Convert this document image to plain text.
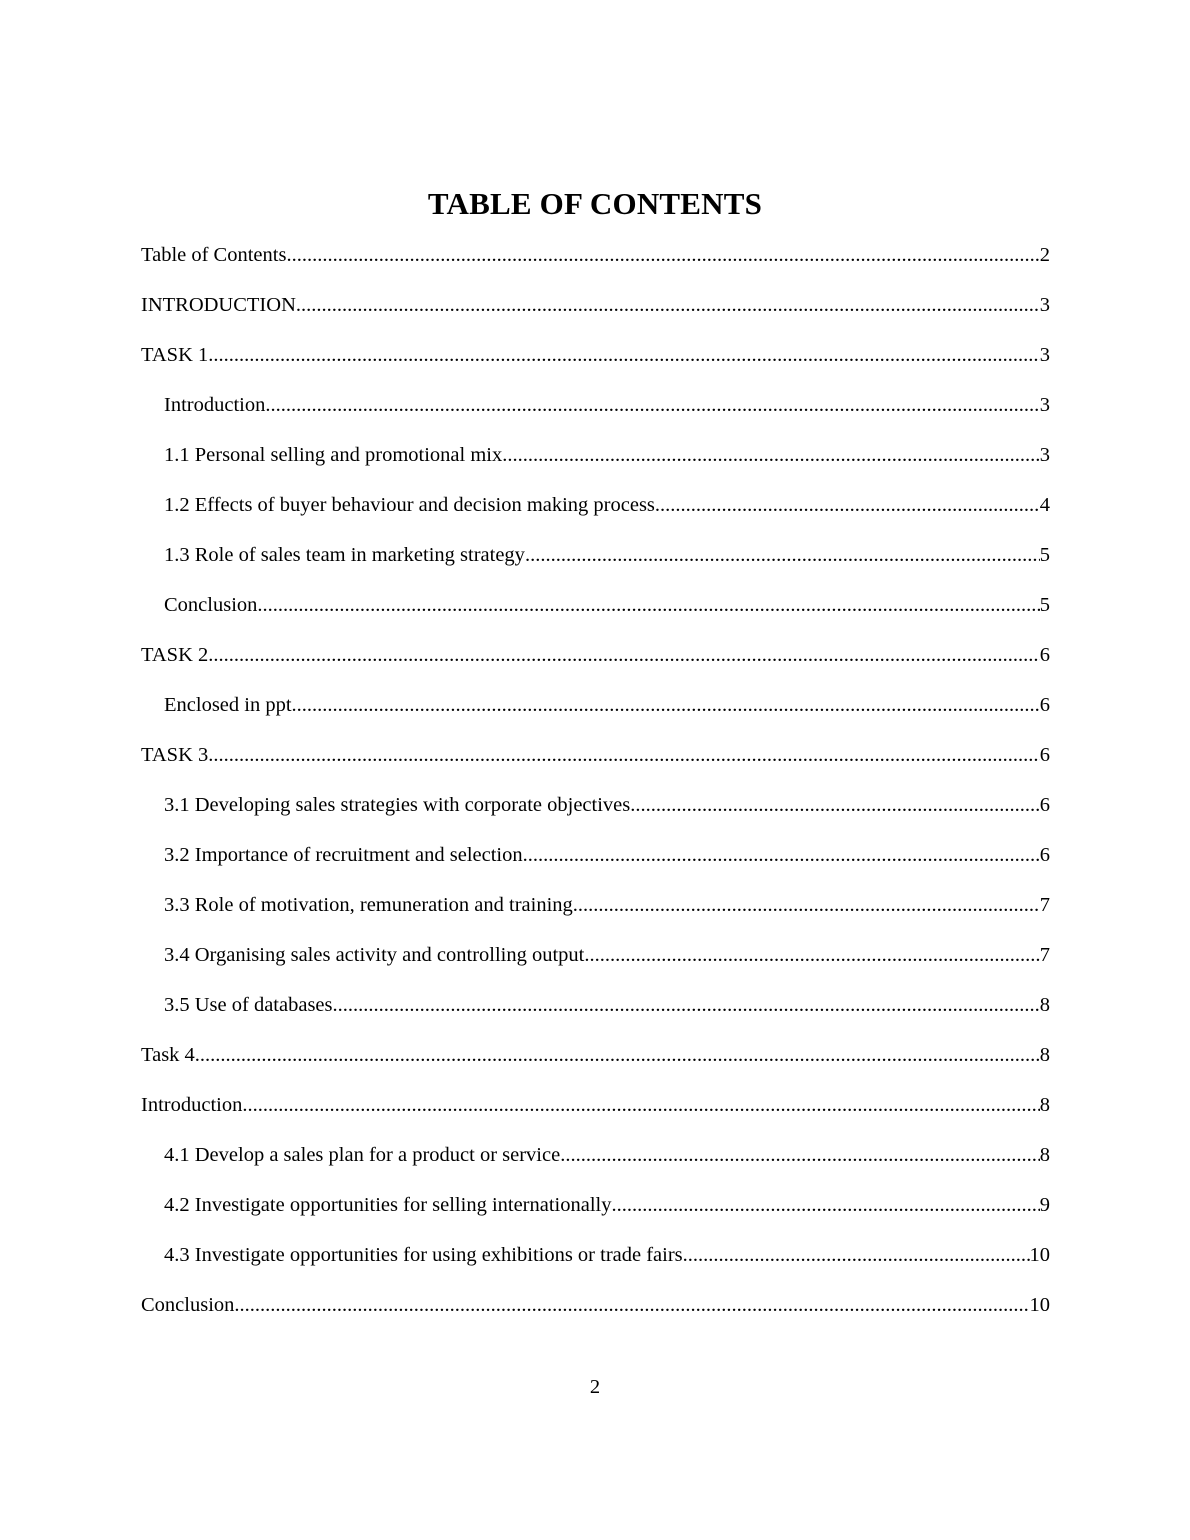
TABLE OF CONTENTS
Table of Contents .....	2
INTRODUCTION .....	3
TASK 1 .....	3
Introduction .....	3
1.1 Personal selling and promotional mix .....	3
1.2 Effects of buyer behaviour and decision making process .....	4
1.3 Role of sales team in marketing strategy .....	5
Conclusion .....	5
TASK 2 .....	6
Enclosed in ppt .....	6
TASK 3 .....	6
3.1 Developing sales strategies with corporate objectives .....	6
3.2 Importance of recruitment and selection .....	6
3.3 Role of motivation, remuneration and training .....	7
3.4 Organising sales activity and controlling output .....	7
3.5 Use of databases .....	8
Task 4 .....	8
Introduction .....	8
4.1 Develop a sales plan for a product or service .....	8
4.2 Investigate opportunities for selling internationally .....	9
4.3 Investigate opportunities for using exhibitions or trade fairs .....	10
Conclusion .....	10
2
